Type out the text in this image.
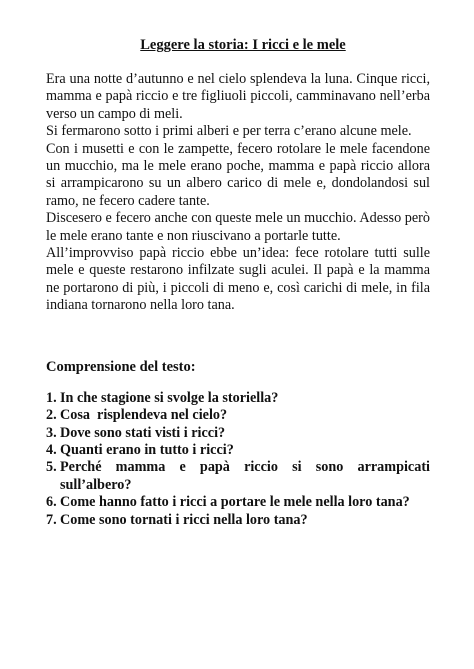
Leggere la storia: I ricci e le mele

Era una notte d’autunno e nel cielo splendeva la luna. Cinque ricci, mamma e papà riccio e tre figliuoli piccoli, camminavano nell’erba verso un campo di meli.

Si fermarono sotto i primi alberi e per terra c’erano alcune mele.

Con i musetti e con le zampette, fecero rotolare le mele facendone un mucchio, ma le mele erano poche, mamma e papà riccio allora si arrampicarono su un albero carico di mele e, dondolandosi sul ramo, ne fecero cadere tante.

Discesero e fecero anche con queste mele un mucchio. Adesso però le mele erano tante e non riuscivano a portarle tutte.

All’improvviso papà riccio ebbe un’idea: fece rotolare tutti sulle mele e queste restarono infilzate sugli aculei. Il papà e la mamma ne portarono di più, i piccoli di meno e, così carichi di mele, in fila indiana tornarono nella loro tana.

Comprensione del testo:
1. In che stagione si svolge la storiella?
2. Cosa  risplendeva nel cielo?
3. Dove sono stati visti i ricci?
4. Quanti erano in tutto i ricci?
5. Perché mamma e papà riccio si sono arrampicati sull’albero?
6. Come hanno fatto i ricci a portare le mele nella loro tana?
7. Come sono tornati i ricci nella loro tana?
